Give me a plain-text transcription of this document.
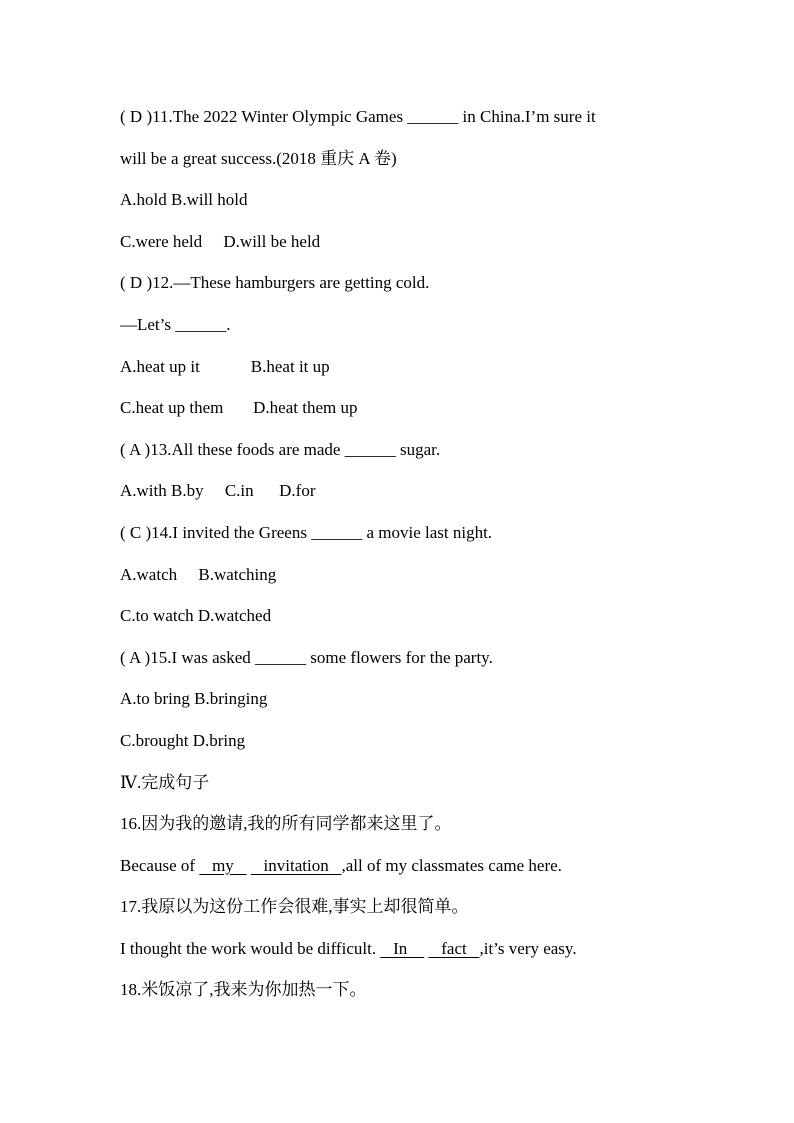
( D )11.The 2022 Winter Olympic Games ______ in China.I’m sure it
will be a great success.(2018 重庆 A 卷)
A.hold B.will hold
C.were held     D.will be held
( D )12.—These hamburgers are getting cold.
—Let’s ______.
A.heat up it            B.heat it up
C.heat up them       D.heat them up
( A )13.All these foods are made ______ sugar.
A.with B.by     C.in      D.for
( C )14.I invited the Greens ______ a movie last night.
A.watch     B.watching
C.to watch D.watched
( A )15.I was asked ______ some flowers for the party.
A.to bring B.bringing
C.brought D.bring
Ⅳ.完成句子
16.因为我的邀请,我的所有同学都来这里了。
Because of    my       invitation   ,all of my classmates came here.
17.我原以为这份工作会很难,事实上却很简单。
I thought the work would be difficult.    In        fact   ,it’s very easy.
18.米饭凉了,我来为你加热一下。
